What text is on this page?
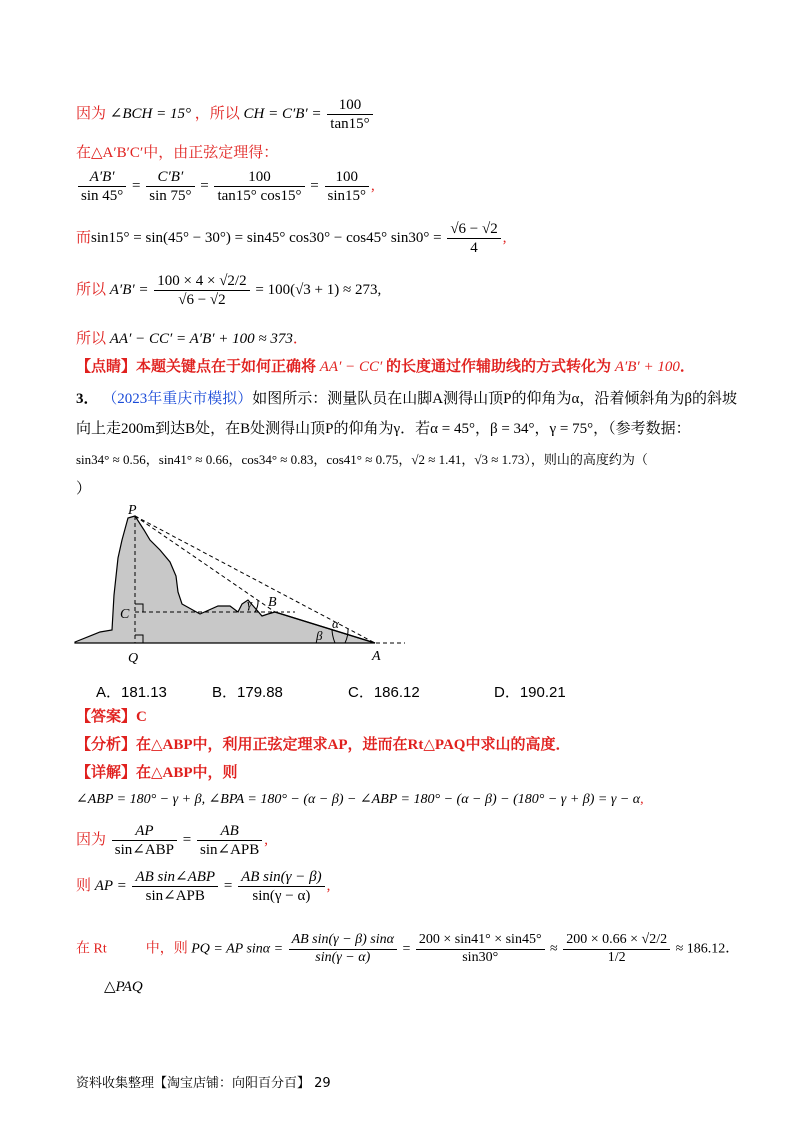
因为 ∠BCH = 15° ，所以 CH = $C'B' = \frac{100}{\tan 15^\circ}$
在△A′B′C′中，由正弦定理得：
$\frac{A'B'}{\sin 45^\circ} = \frac{C'B'}{\sin 75^\circ} = \frac{100}{\tan 15^\circ \cos 15^\circ} = \frac{100}{\sin 15^\circ}$ ,
而sin15° = sin(45° − 30°) = sin45° cos30° − cos45° $\sin 30^\circ = \frac{√6 - √2}{4}$ ,
所以 $A'B' = \frac{100 \times 4 \times √2/2}{√6 - √2} = 100(√3 + 1) \approx 273$,
所以 AA′ − CC′ = A′B′ + 100 ≈ 373．
【点睛】本题关键点在于如何正确将 AA′ − CC′ 的长度通过作辅助线的方式转化为 A′B′ + 100．
3． （2023年重庆市模拟）如图所示：测量队员在山脚A测得山顶P的仰角为α，沿着倾斜角为β的斜坡
向上走200m到达B处，在B处测得山顶P的仰角为γ．若α = 45°，β = 34°，γ = 75°，（参考数据：
sin34° ≈ 0.56，sin41° ≈ 0.66，cos34° ≈ 0.83，cos41° ≈ 0.75，√2 ≈ 1.41，√3 ≈ 1.73），则山的高度约为（
）
P
B
C
Q	A
α
β
γ
A．181.13	B．179.88	C．186.12	D．190.21
【答案】C
【分析】在△ABP中，利用正弦定理求AP，进而在Rt△PAQ中求山的高度．
【详解】在△ABP中，则
∠ABP = 180° − γ + β, ∠BPA = 180° − (α − β) − ∠ABP = 180° − (α − β) − (180° − γ + β) = γ − α,
因为 $\frac{AP}{\text{sin∠ABP}} = \frac{AB}{\text{sin∠APB}}$ ,
则 AP = $\frac{\text{AB sin∠ABP}}{\text{sin∠APB}} = \frac{\text{AB sin(γ − β)}}{\sin(\gamma - \alpha)}$ ,
在 Rt	中，则 PQ = AP $\sin\alpha = \frac{\text{AB sin(γ − β) sinα}}{\sin(\gamma - \alpha)} = \frac{200 \times \sin 41^\circ \times \sin 45^\circ}{\sin 30^\circ} \approx \frac{200 \times 0.66 \times √2/2}{1/2} \approx 186.12$．
△PAQ
资料收集整理【淘宝店铺：向阳百分百】 29
